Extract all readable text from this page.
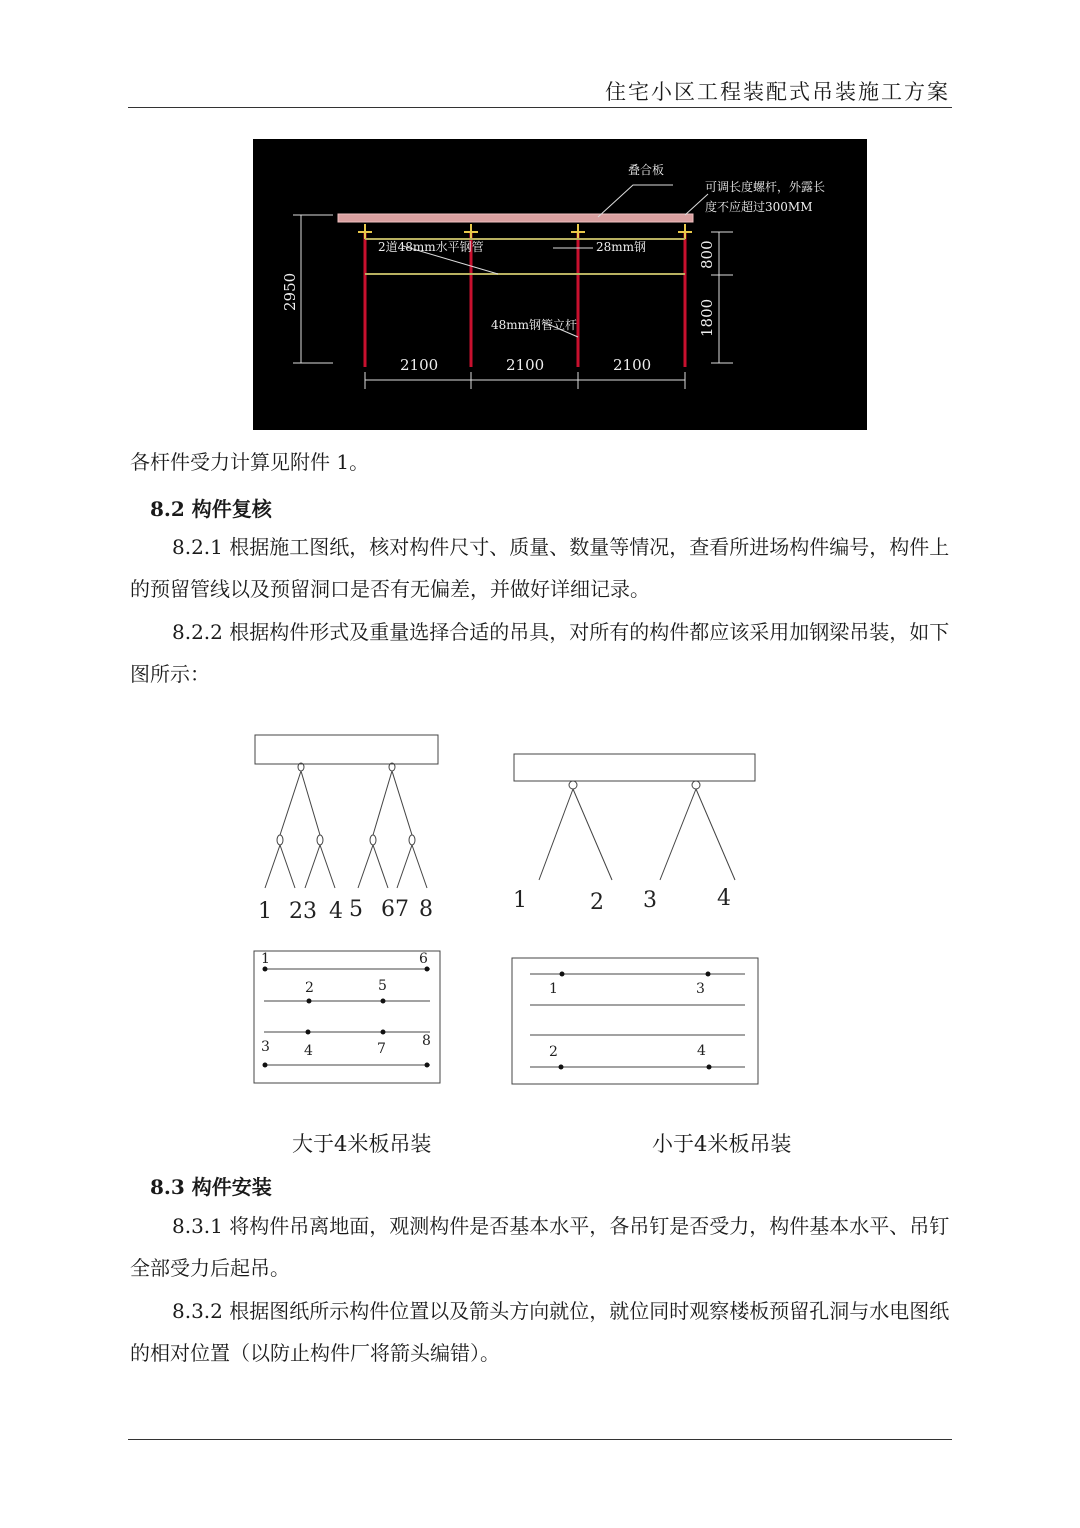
住宅小区工程装配式吊装施工方案
叠合板
可调长度螺杆，外露长
度不应超过300MM
2道48mm水平钢管	28mm钢
48mm钢管立杆
2950
800
1800
2100	2100	2100
各杆件受力计算见附件 1。
8.2 构件复核
8.2.1 根据施工图纸，核对构件尺寸、质量、数量等情况，查看所进场构件编号，构件上的预留管线以及预留洞口是否有无偏差，并做好详细记录。
8.2.2 根据构件形式及重量选择合适的吊具，对所有的构件都应该采用加钢梁吊装，如下图所示：
1 23 4 5 67 8	1	2 3	4
1	6
2	5
3 4	7	8
1	3
2	4
大于4米板吊装	小于4米板吊装
8.3 构件安装
8.3.1 将构件吊离地面，观测构件是否基本水平，各吊钉是否受力，构件基本水平、吊钉全部受力后起吊。
8.3.2 根据图纸所示构件位置以及箭头方向就位，就位同时观察楼板预留孔洞与水电图纸的相对位置（以防止构件厂将箭头编错）。
